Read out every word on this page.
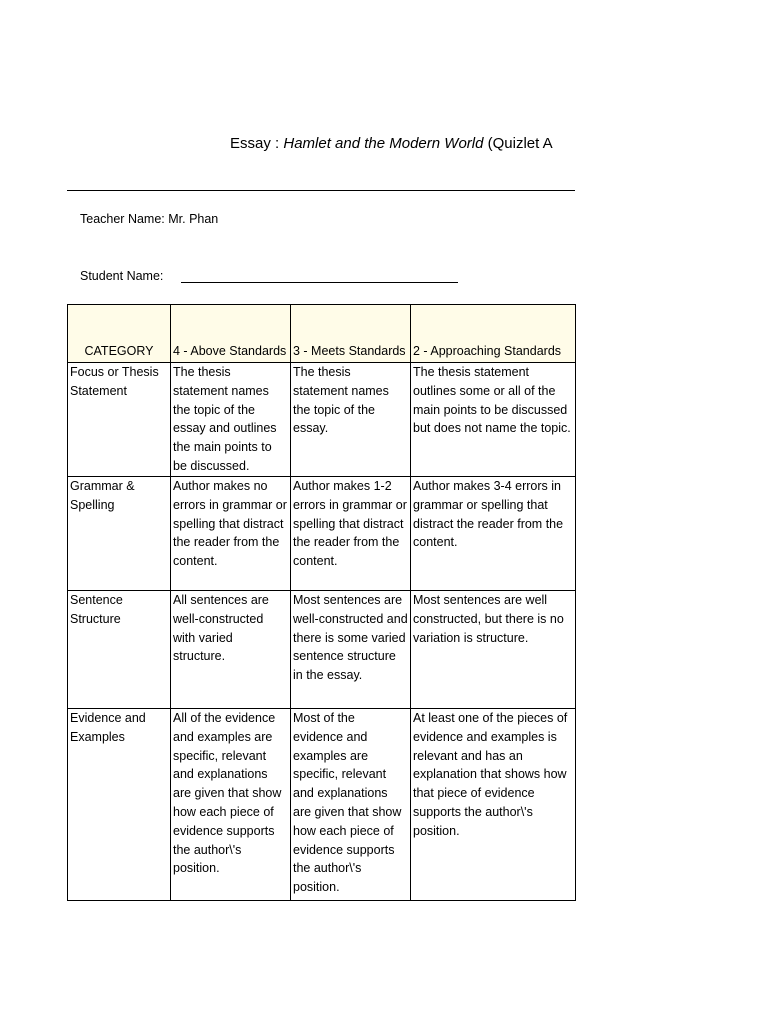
Essay : Hamlet and the Modern World (Quizlet A
Teacher Name: Mr. Phan
Student Name:
CATEGORY	4 - Above Standards	3 - Meets Standards	2 - Approaching Standards
Focus or Thesis Statement	The thesis statement names the topic of the essay and outlines the main points to be discussed.	The thesis statement names the topic of the essay.	The thesis statement outlines some or all of the main points to be discussed but does not name the topic.
Grammar & Spelling	Author makes no errors in grammar or spelling that distract the reader from the content.	Author makes 1-2 errors in grammar or spelling that distract the reader from the content.	Author makes 3-4 errors in grammar or spelling that distract the reader from the content.
Sentence Structure	All sentences are well-constructed with varied structure.	Most sentences are well-constructed and there is some varied sentence structure in the essay.	Most sentences are well constructed, but there is no variation is structure.
Evidence and Examples	All of the evidence and examples are specific, relevant and explanations are given that show how each piece of evidence supports the author\'s position.	Most of the evidence and examples are specific, relevant and explanations are given that show how each piece of evidence supports the author\'s position.	At least one of the pieces of evidence and examples is relevant and has an explanation that shows how that piece of evidence supports the author\'s position.
